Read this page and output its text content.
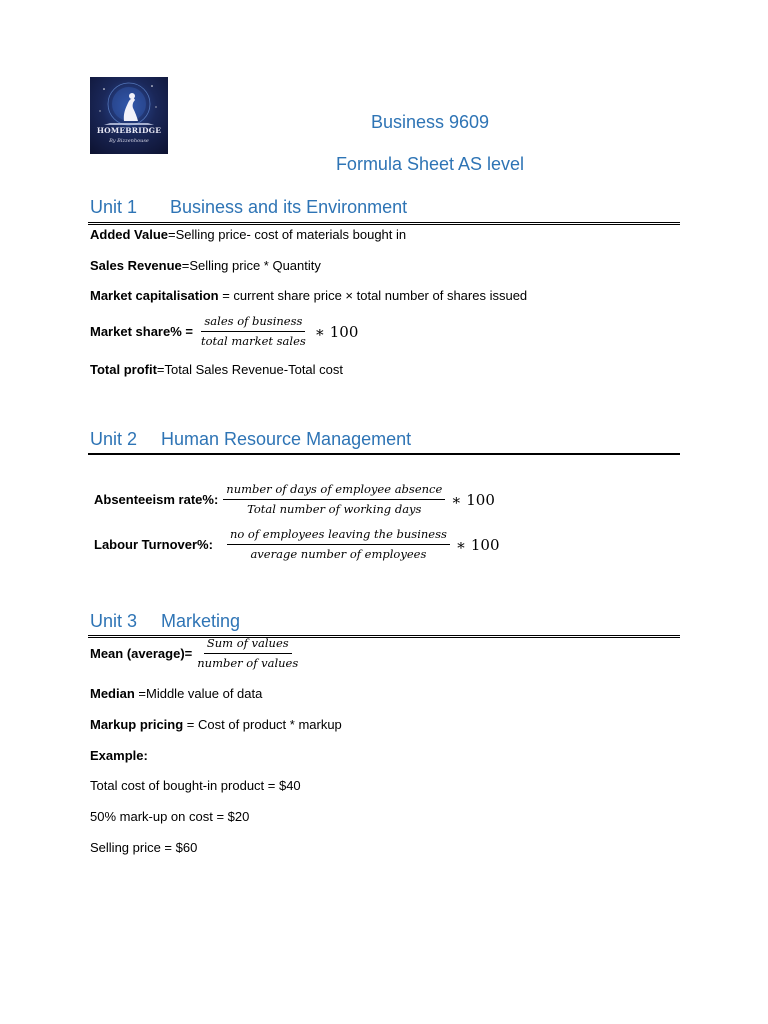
HOMEBRIDGE
By Bizzenhouse
Business 9609
Formula Sheet AS level
Unit 1 Business and its Environment
Added Value=Selling price- cost of materials bought in
Sales Revenue=Selling price * Quantity
Market capitalisation = current share price × total number of shares issued
Market share% = $\frac{\text{sales of business}}{\text{total market sales}}$ ∗ 100
Total profit=Total Sales Revenue-Total cost
Unit 2 Human Resource Management
Absenteeism rate%: $\frac{\text{number of days of employee absence}}{\text{Total number of working days}}$ ∗ 100
Labour Turnover%: $\frac{\text{no of employees leaving the business}}{\text{average number of employees}}$ ∗ 100
Unit 3 Marketing
Mean (average)= $\frac{\text{Sum of values}}{\text{number of values}}$
Median =Middle value of data
Markup pricing = Cost of product * markup
Example:
Total cost of bought-in product = $40
50% mark-up on cost = $20
Selling price = $60
